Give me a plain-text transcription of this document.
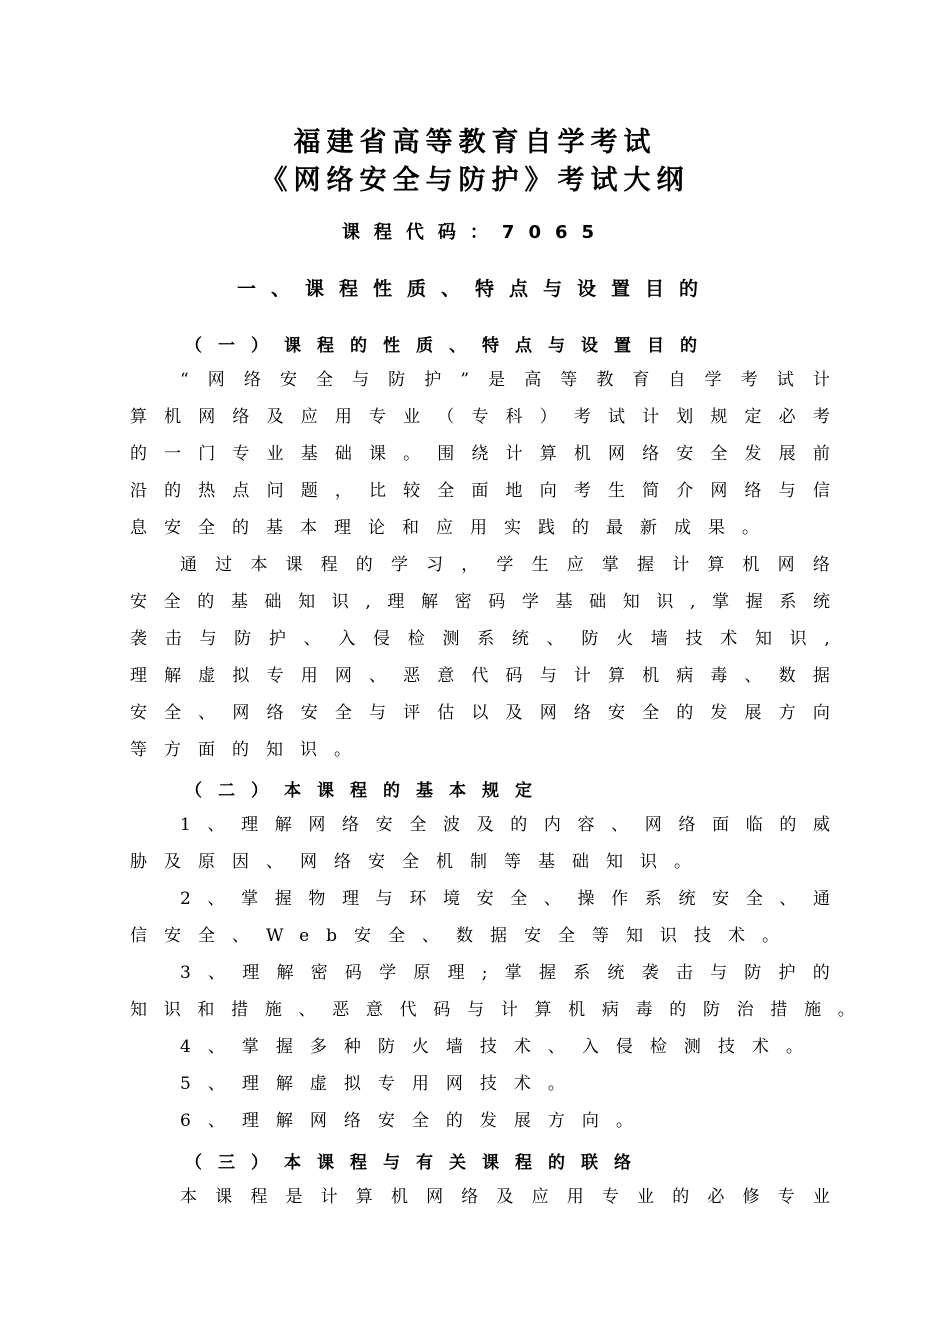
福建省高等教育自学考试
《网络安全与防护》考试大纲
课程代码：7065
一、课程性质、特点与设置目的
（一）课程的性质、特点与设置目的
“ 网 络 安 全 与 防 护 ” 是 高 等 教 育 自 学 考 试 计
算 机 网 络 及 应 用 专 业 （ 专 科 ） 考 试 计 划 规 定 必 考
的 一 门 专 业 基 础 课 。 围 绕 计 算 机 网 络 安 全 发 展 前
沿 的 热 点 问 题 ， 比 较 全 面 地 向 考 生 简 介 网 络 与 信
息 安 全 的 基 本 理 论 和 应 用 实 践 的 最 新 成 果 。
通 过 本 课 程 的 学 习 ， 学 生 应 掌 握 计 算 机 网 络
安 全 的 基 础 知 识 , 理 解 密 码 学 基 础 知 识 , 掌 握 系 统
袭 击 与 防 护 、 入 侵 检 测 系 统 、 防 火 墙 技 术 知 识 ,
理 解 虚 拟 专 用 网 、 恶 意 代 码 与 计 算 机 病 毒 、 数 据
安 全 、 网 络 安 全 与 评 估 以 及 网 络 安 全 的 发 展 方 向
等 方 面 的 知 识 。
（二）本课程的基本规定
1 、 理 解 网 络 安 全 波 及 的 内 容 、 网 络 面 临 的 威
胁 及 原 因 、 网 络 安 全 机 制 等 基 础 知 识 。
2 、 掌 握 物 理 与 环 境 安 全 、 操 作 系 统 安 全 、 通
信 安 全 、 Web 安 全 、 数 据 安 全 等 知 识 技 术 。
3 、 理 解 密 码 学 原 理 ; 掌 握 系 统 袭 击 与 防 护 的
知 识 和 措 施 、 恶 意 代 码 与 计 算 机 病 毒 的 防 治 措 施 。
4 、 掌 握 多 种 防 火 墙 技 术 、 入 侵 检 测 技 术 。
5 、 理 解 虚 拟 专 用 网 技 术 。
6 、 理 解 网 络 安 全 的 发 展 方 向 。
（三）本课程与有关课程的联络
本 课 程 是 计 算 机 网 络 及 应 用 专 业 的 必 修 专 业
